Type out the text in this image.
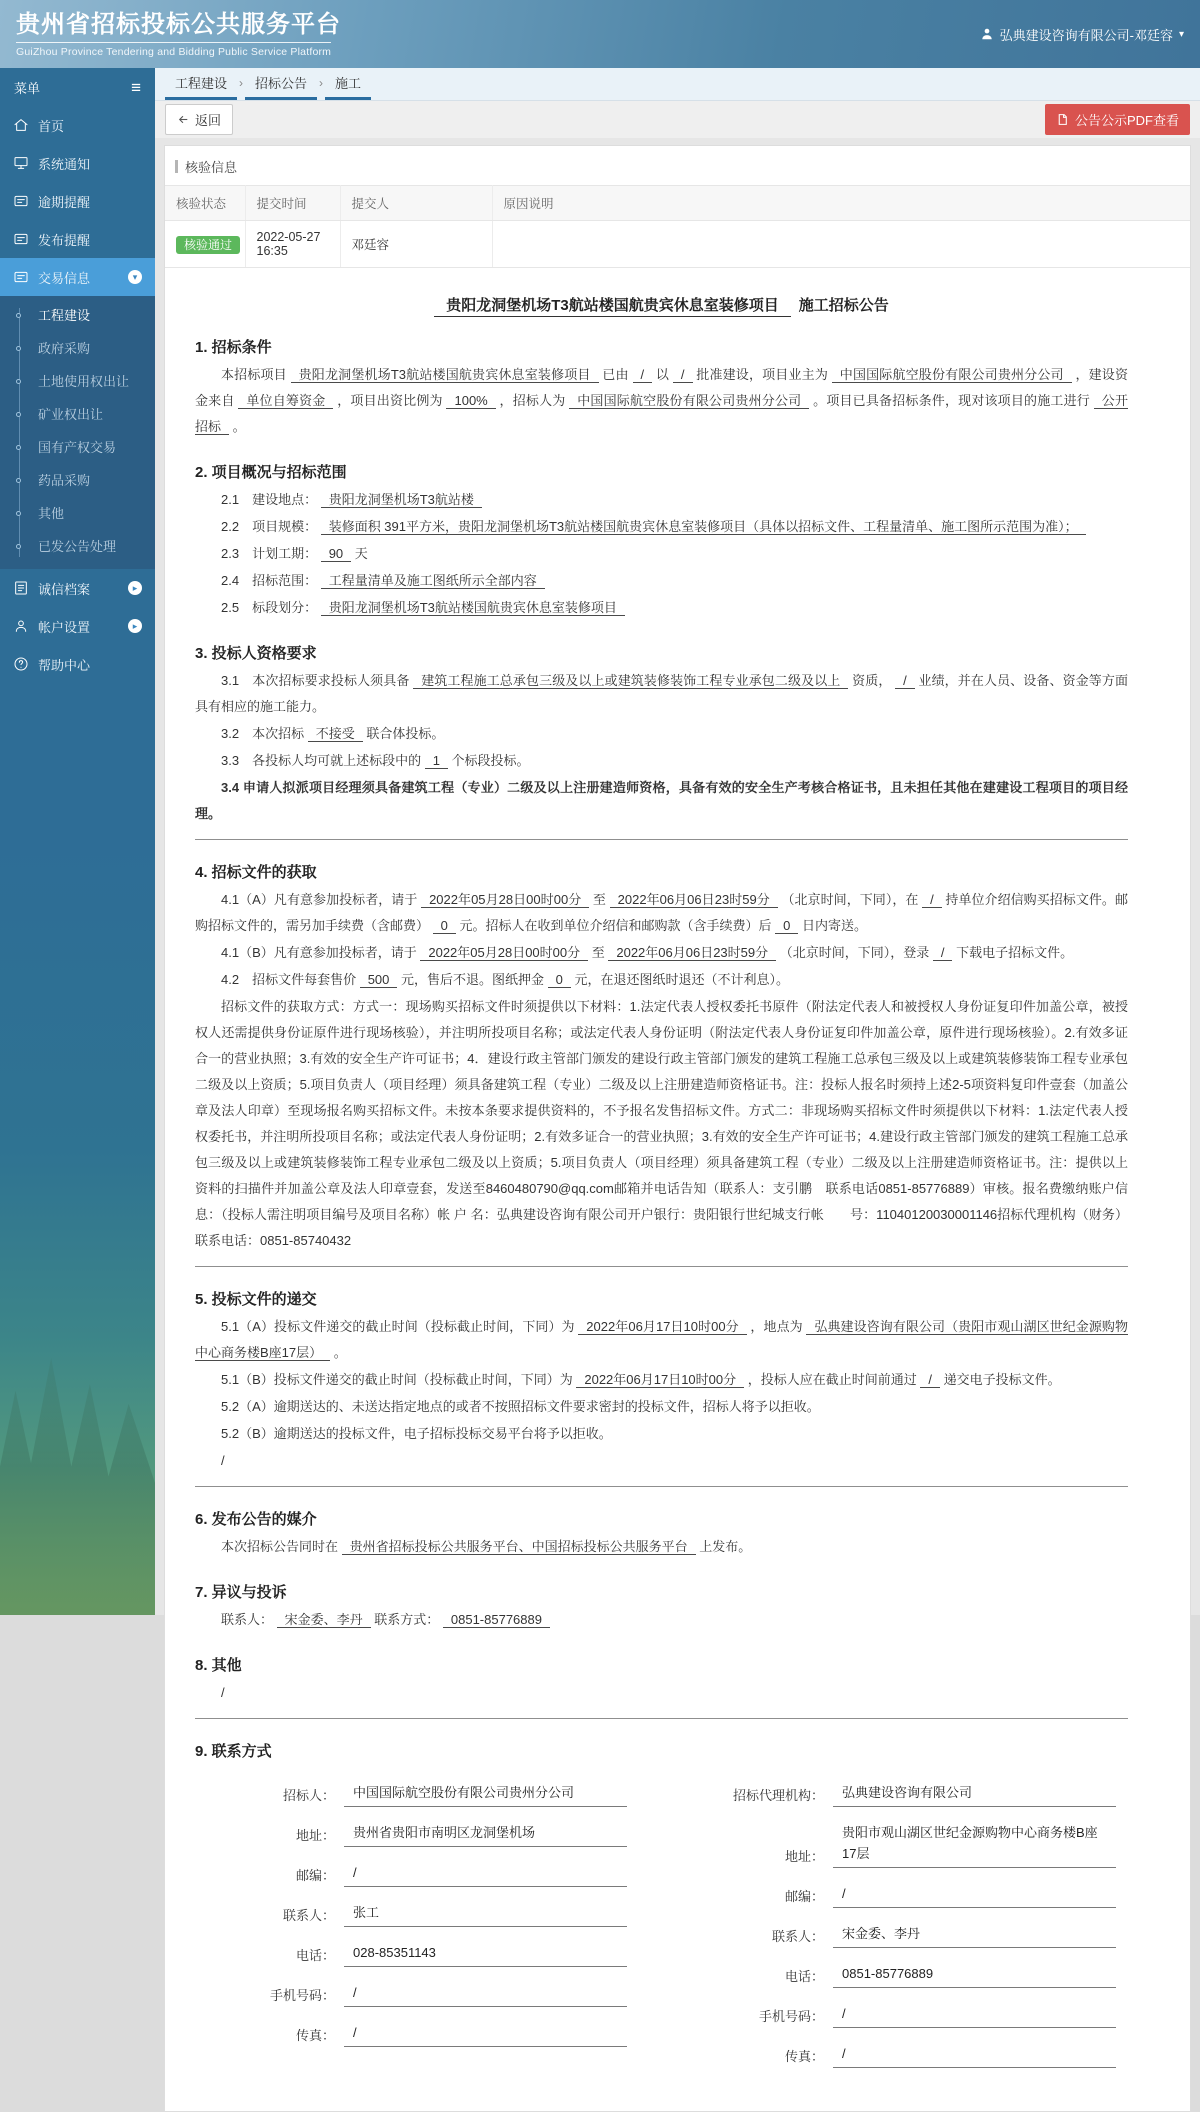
贵州省招标投标公共服务平台
GuiZhou Province Tendering and Bidding Public Service Platform
弘典建设咨询有限公司-邓廷容 ▾
菜单	≡
首页
系统通知
逾期提醒
发布提醒
交易信息	▾
工程建设
政府采购
土地使用权出让
矿业权出让
国有产权交易
药品采购
其他
已发公告处理
诚信档案	▸
帐户设置	▸
帮助中心
工程建设	› 招标公告	› 施工
返回	公告公示PDF查看
核验信息
核验状态	提交时间	提交人	原因说明
核验通过	2022-05-27 16:35	邓廷容	
贵阳龙洞堡机场T3航站楼国航贵宾休息室装修项目 施工招标公告
1. 招标条件

本招标项目 贵阳龙洞堡机场T3航站楼国航贵宾休息室装修项目 已由 / 以 / 批准建设，项目业主为 中国国际航空股份有限公司贵州分公司 ，建设资金来自 单位自筹资金 ，项目出资比例为 100% ，招标人为 中国国际航空股份有限公司贵州分公司 。项目已具备招标条件，现对该项目的施工进行 公开招标 。

2. 项目概况与招标范围

2.1　建设地点： 贵阳龙洞堡机场T3航站楼

2.2　项目规模： 装修面积 391平方米，贵阳龙洞堡机场T3航站楼国航贵宾休息室装修项目（具体以招标文件、工程量清单、施工图所示范围为准）；

2.3　计划工期： 90 天

2.4　招标范围： 工程量清单及施工图纸所示全部内容

2.5　标段划分： 贵阳龙洞堡机场T3航站楼国航贵宾休息室装修项目

3. 投标人资格要求

3.1　本次招标要求投标人须具备 建筑工程施工总承包三级及以上或建筑装修装饰工程专业承包二级及以上 资质， / 业绩，并在人员、设备、资金等方面具有相应的施工能力。

3.2　本次招标 不接受 联合体投标。

3.3　各投标人均可就上述标段中的 1 个标段投标。

3.4 申请人拟派项目经理须具备建筑工程（专业）二级及以上注册建造师资格，具备有效的安全生产考核合格证书，且未担任其他在建建设工程项目的项目经理。

4. 招标文件的获取

4.1（A）凡有意参加投标者，请于 2022年05月28日00时00分 至 2022年06月06日23时59分 （北京时间，下同），在 / 持单位介绍信购买招标文件。邮购招标文件的，需另加手续费（含邮费） 0 元。招标人在收到单位介绍信和邮购款（含手续费）后 0 日内寄送。

4.1（B）凡有意参加投标者，请于 2022年05月28日00时00分 至 2022年06月06日23时59分 （北京时间，下同），登录 / 下载电子招标文件。

4.2　招标文件每套售价 500 元，售后不退。图纸押金 0 元，在退还图纸时退还（不计利息）。

招标文件的获取方式：方式一：现场购买招标文件时须提供以下材料：1.法定代表人授权委托书原件（附法定代表人和被授权人身份证复印件加盖公章，被授权人还需提供身份证原件进行现场核验），并注明所投项目名称；或法定代表人身份证明（附法定代表人身份证复印件加盖公章，原件进行现场核验）。2.有效多证合一的营业执照；3.有效的安全生产许可证书；4．建设行政主管部门颁发的建设行政主管部门颁发的建筑工程施工总承包三级及以上或建筑装修装饰工程专业承包二级及以上资质；5.项目负责人（项目经理）须具备建筑工程（专业）二级及以上注册建造师资格证书。注：投标人报名时须持上述2-5项资料复印件壹套（加盖公章及法人印章）至现场报名购买招标文件。未按本条要求提供资料的，不予报名发售招标文件。方式二：非现场购买招标文件时须提供以下材料：1.法定代表人授权委托书，并注明所投项目名称；或法定代表人身份证明；2.有效多证合一的营业执照；3.有效的安全生产许可证书；4.建设行政主管部门颁发的建筑工程施工总承包三级及以上或建筑装修装饰工程专业承包二级及以上资质；5.项目负责人（项目经理）须具备建筑工程（专业）二级及以上注册建造师资格证书。注：提供以上资料的扫描件并加盖公章及法人印章壹套，发送至8460480790@qq.com邮箱并电话告知（联系人：支引鹏　联系电话0851-85776889）审核。报名费缴纳账户信息：（投标人需注明项目编号及项目名称）帐 户 名：弘典建设咨询有限公司开户银行：贵阳银行世纪城支行帐　　号：11040120030001146招标代理机构（财务）联系电话：0851-85740432

5. 投标文件的递交

5.1（A）投标文件递交的截止时间（投标截止时间，下同）为 2022年06月17日10时00分 ，地点为 弘典建设咨询有限公司（贵阳市观山湖区世纪金源购物中心商务楼B座17层） 。

5.1（B）投标文件递交的截止时间（投标截止时间，下同）为 2022年06月17日10时00分 ，投标人应在截止时间前通过 / 递交电子投标文件。

5.2（A）逾期送达的、未送达指定地点的或者不按照招标文件要求密封的投标文件，招标人将予以拒收。

5.2（B）逾期送达的投标文件，电子招标投标交易平台将予以拒收。

/

6. 发布公告的媒介

本次招标公告同时在 贵州省招标投标公共服务平台、中国招标投标公共服务平台 上发布。

7. 异议与投诉

联系人： 宋金委、李丹 联系方式： 0851-85776889

8. 其他

/

9. 联系方式
招标人：	中国国际航空股份有限公司贵州分公司
地址：	贵州省贵阳市南明区龙洞堡机场
邮编：	/
联系人：	张工
电话：	028-85351143
手机号码：	/
传真：	/
招标代理机构：	弘典建设咨询有限公司
地址：
贵阳市观山湖区世纪金源购物中心商务楼B座17层
邮编：	/
联系人：	宋金委、李丹
电话：	0851-85776889
手机号码：	/
传真：	/
